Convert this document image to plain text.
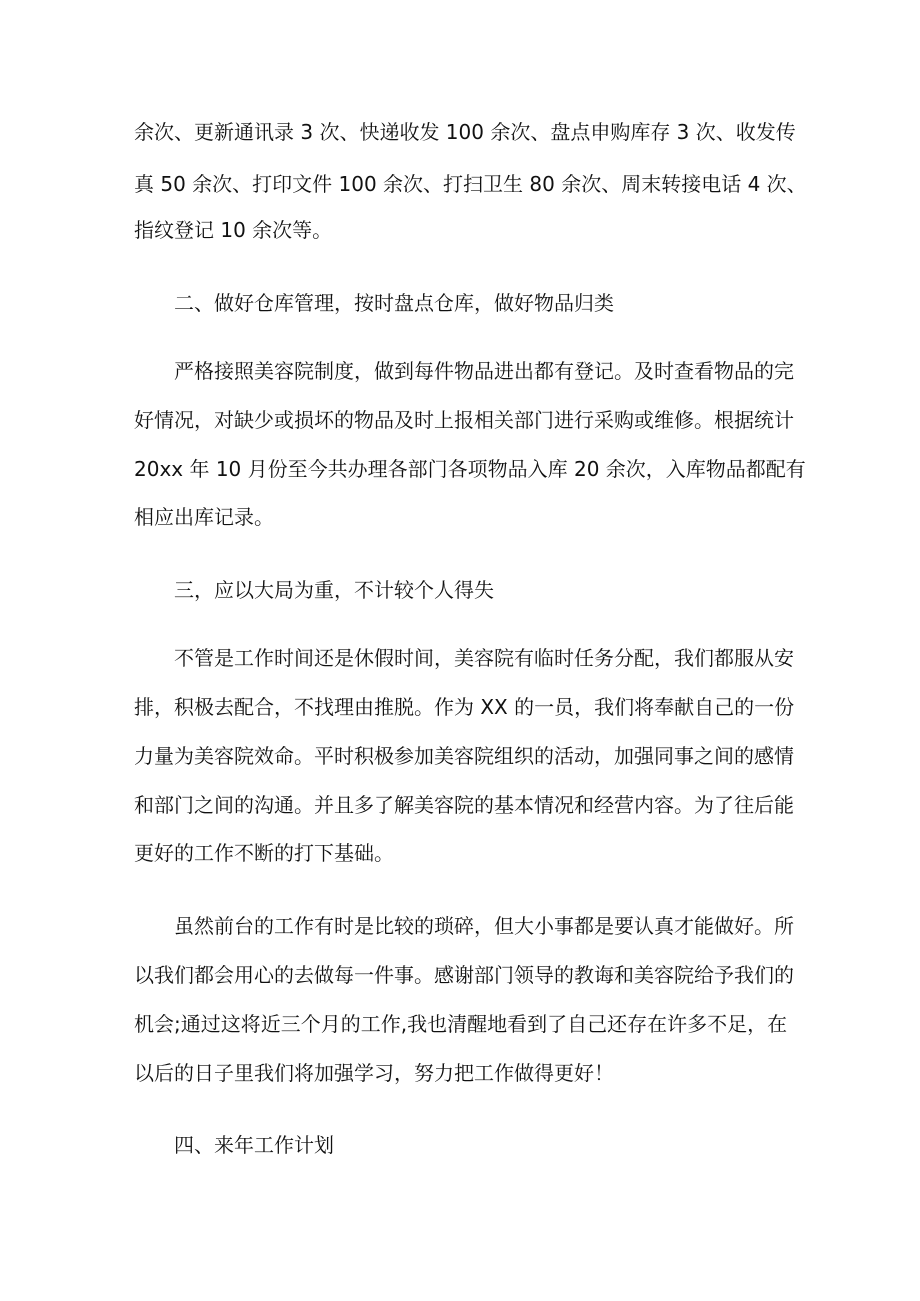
余次、更新通讯录 3 次、快递收发 100 余次、盘点申购库存 3 次、收发传
真 50 余次、打印文件 100 余次、打扫卫生 80 余次、周末转接电话 4 次、
指纹登记 10 余次等。
二、做好仓库管理，按时盘点仓库，做好物品归类
严格接照美容院制度，做到每件物品进出都有登记。及时查看物品的完
好情况，对缺少或损坏的物品及时上报相关部门进行采购或维修。根据统计
20xx 年 10 月份至今共办理各部门各项物品入库 20 余次，入库物品都配有
相应出库记录。
三，应以大局为重，不计较个人得失
不管是工作时间还是休假时间，美容院有临时任务分配，我们都服从安
排，积极去配合，不找理由推脱。作为 XX 的一员，我们将奉献自己的一份
力量为美容院效命。平时积极参加美容院组织的活动，加强同事之间的感情
和部门之间的沟通。并且多了解美容院的基本情况和经营内容。为了往后能
更好的工作不断的打下基础。
虽然前台的工作有时是比较的琐碎，但大小事都是要认真才能做好。所
以我们都会用心的去做每一件事。感谢部门领导的教诲和美容院给予我们的
机会;通过这将近三个月的工作,我也清醒地看到了自己还存在许多不足，在
以后的日子里我们将加强学习，努力把工作做得更好！
四、来年工作计划
